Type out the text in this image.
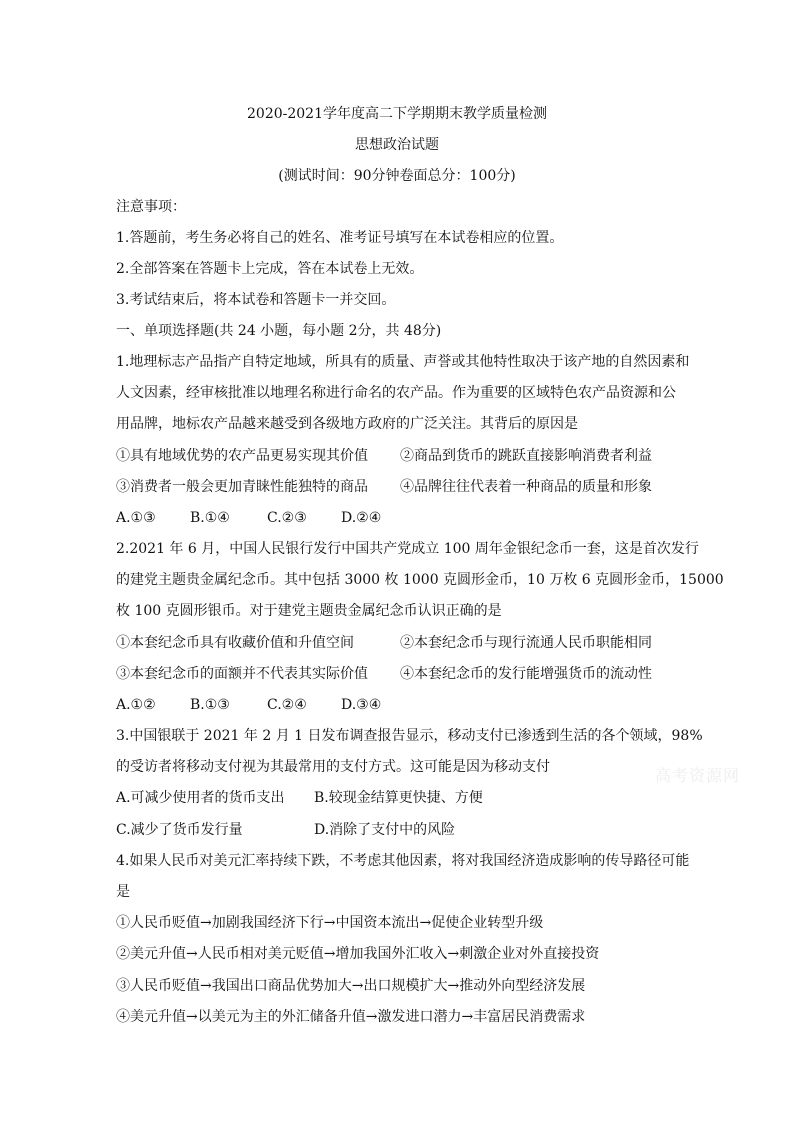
2020-2021学年度高二下学期期末教学质量检测
思想政治试题
(测试时间：90分钟卷面总分：100分)
注意事项：
1.答题前，考生务必将自己的姓名、准考证号填写在本试卷相应的位置。
2.全部答案在答题卡上完成，答在本试卷上无效。
3.考试结束后，将本试卷和答题卡一并交回。
一、单项选择题(共 24 小题，每小题 2分，共 48分)
1.地理标志产品指产自特定地域，所具有的质量、声誉或其他特性取决于该产地的自然因素和
人文因素，经审核批准以地理名称进行命名的农产品。作为重要的区域特色农产品资源和公
用品牌，地标农产品越来越受到各级地方政府的广泛关注。其背后的原因是
①具有地域优势的农产品更易实现其价值 ②商品到货币的跳跃直接影响消费者利益
③消费者一般会更加青睐性能独特的商品 ④品牌往往代表着一种商品的质量和形象
A.①③ B.①④	C.②③ D.②④
2.2021 年 6 月，中国人民银行发行中国共产党成立 100 周年金银纪念币一套，这是首次发行
的建党主题贵金属纪念币。其中包括 3000 枚 1000 克圆形金币，10 万枚 6 克圆形金币，15000
枚 100 克圆形银币。对于建党主题贵金属纪念币认识正确的是
①本套纪念币具有收藏价值和升值空间	②本套纪念币与现行流通人民币职能相同
③本套纪念币的面额并不代表其实际价值 ④本套纪念币的发行能增强货币的流动性
A.①② B.①③	C.②④ D.③④
3.中国银联于 2021 年 2 月 1 日发布调查报告显示，移动支付已渗透到生活的各个领域，98%
的受访者将移动支付视为其最常用的支付方式。这可能是因为移动支付
A.可减少使用者的货币支出 B.较现金结算更快捷、方便
C.减少了货币发行量	D.消除了支付中的风险
4.如果人民币对美元汇率持续下跌，不考虑其他因素，将对我国经济造成影响的传导路径可能
是
①人民币贬值→加剧我国经济下行→中国资本流出→促使企业转型升级
②美元升值→人民币相对美元贬值→增加我国外汇收入→刺激企业对外直接投资
③人民币贬值→我国出口商品优势加大→出口规模扩大→推动外向型经济发展
④美元升值→以美元为主的外汇储备升值→激发进口潜力→丰富居民消费需求
高考资源网
